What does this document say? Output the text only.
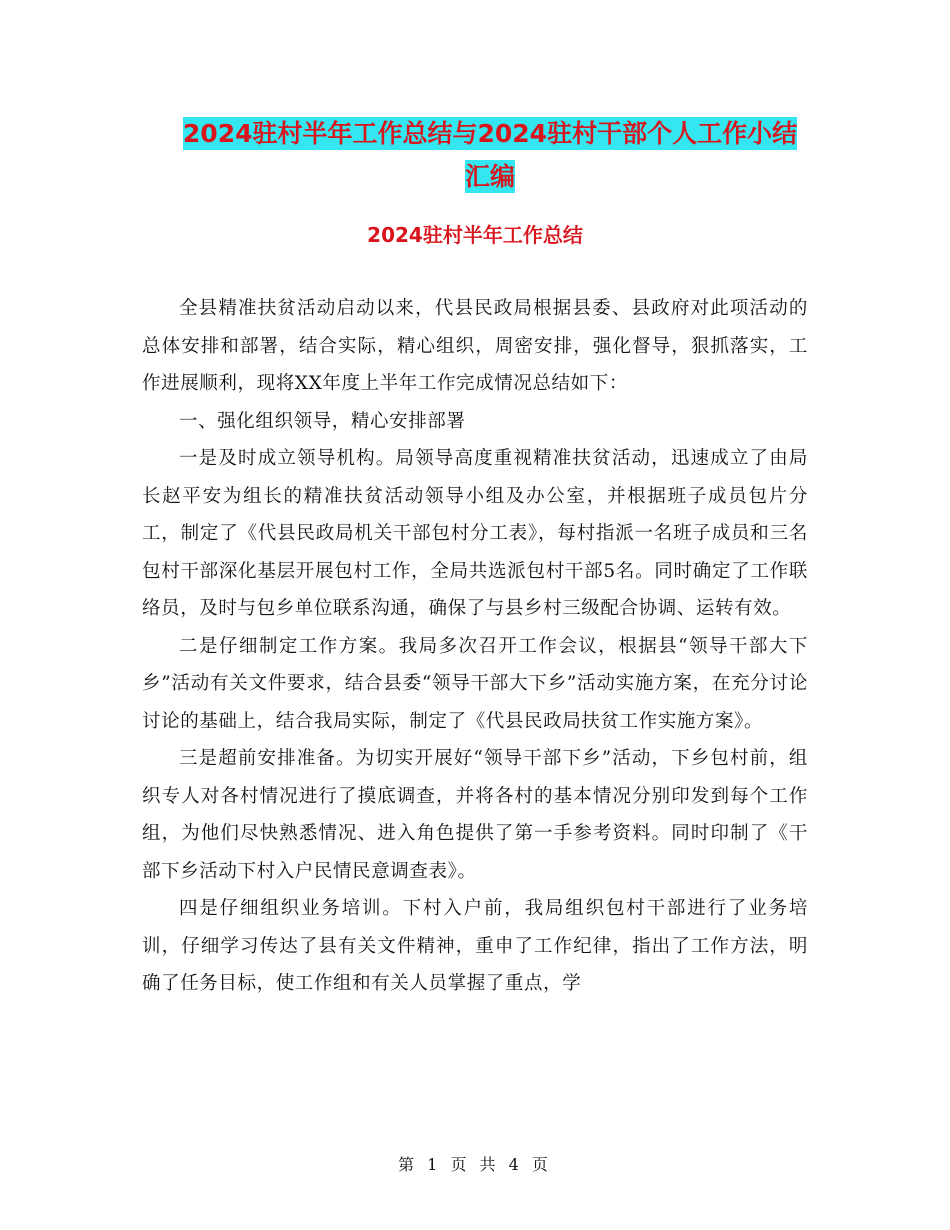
2024驻村半年工作总结与2024驻村干部个人工作小结
汇编
2024驻村半年工作总结

全县精准扶贫活动启动以来，代县民政局根据县委、县政府对此项活动的总体安排和部署，结合实际，精心组织，周密安排，强化督导，狠抓落实，工作进展顺利，现将XX年度上半年工作完成情况总结如下：

一、强化组织领导，精心安排部署

一是及时成立领导机构。局领导高度重视精准扶贫活动，迅速成立了由局长赵平安为组长的精准扶贫活动领导小组及办公室，并根据班子成员包片分工，制定了《代县民政局机关干部包村分工表》，每村指派一名班子成员和三名包村干部深化基层开展包村工作，全局共选派包村干部5名。同时确定了工作联络员，及时与包乡单位联系沟通，确保了与县乡村三级配合协调、运转有效。

二是仔细制定工作方案。我局多次召开工作会议，根据县“领导干部大下乡”活动有关文件要求，结合县委“领导干部大下乡”活动实施方案，在充分讨论讨论的基础上，结合我局实际，制定了《代县民政局扶贫工作实施方案》。

三是超前安排准备。为切实开展好“领导干部下乡”活动，下乡包村前，组织专人对各村情况进行了摸底调查，并将各村的基本情况分别印发到每个工作组，为他们尽快熟悉情况、进入角色提供了第一手参考资料。同时印制了《干部下乡活动下村入户民情民意调查表》。

四是仔细组织业务培训。下村入户前，我局组织包村干部进行了业务培训，仔细学习传达了县有关文件精神，重申了工作纪律，指出了工作方法，明确了任务目标，使工作组和有关人员掌握了重点，学

第 1 页 共 4 页
